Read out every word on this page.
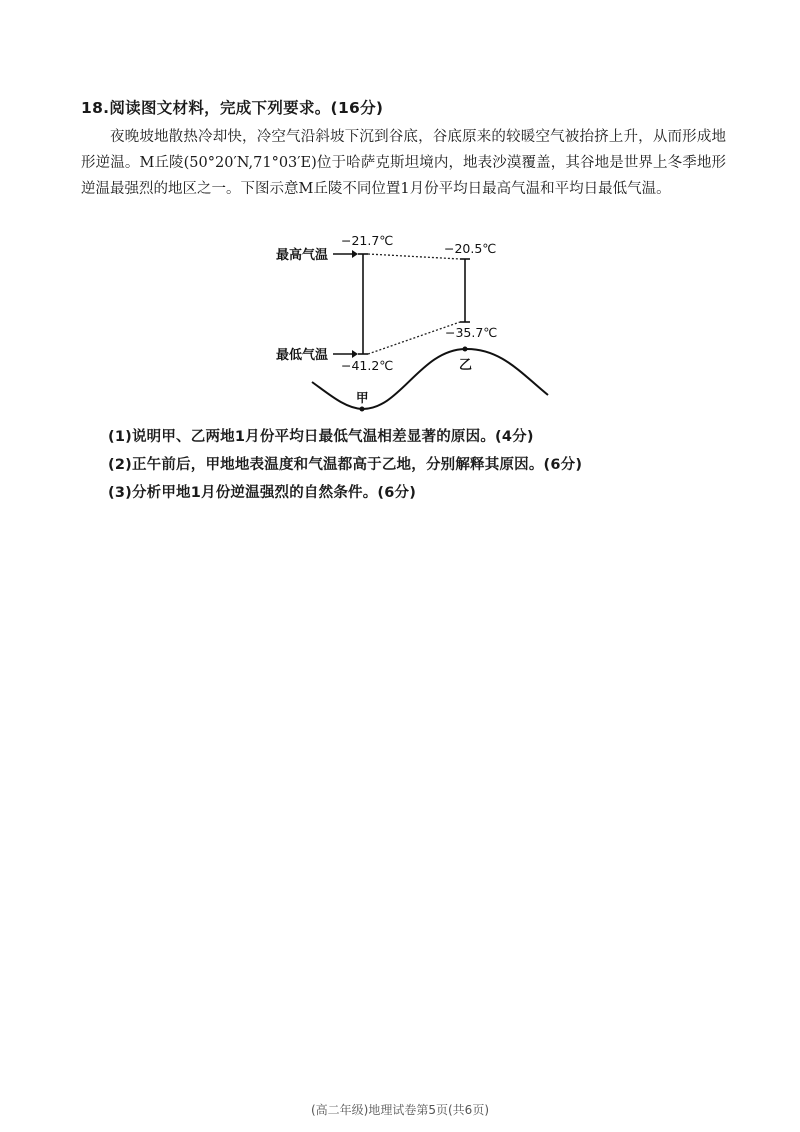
18.阅读图文材料，完成下列要求。(16分)

夜晚坡地散热冷却快，冷空气沿斜坡下沉到谷底，谷底原来的较暖空气被抬挤上升，从而形成地形逆温。M丘陵(50°20′N,71°03′E)位于哈萨克斯坦境内，地表沙漠覆盖，其谷地是世界上冬季地形逆温最强烈的地区之一。下图示意M丘陵不同位置1月份平均日最高气温和平均日最低气温。

最高气温
最低气温
−21.7℃
−41.2℃
−20.5℃
−35.7℃
甲
乙
(1)说明甲、乙两地1月份平均日最低气温相差显著的原因。(4分)
(2)正午前后，甲地地表温度和气温都高于乙地，分别解释其原因。(6分)
(3)分析甲地1月份逆温强烈的自然条件。(6分)
(高二年级)地理试卷第5页(共6页)
